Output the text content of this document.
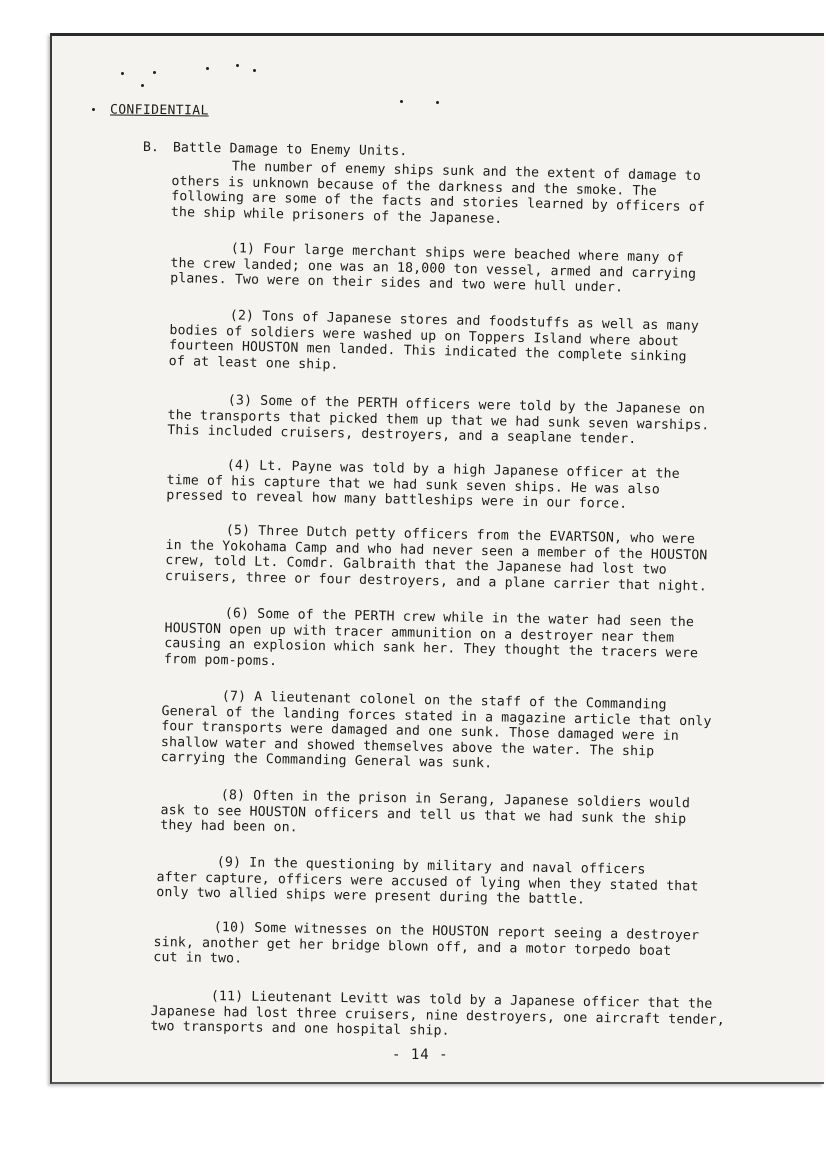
CONFIDENTIAL
B. Battle Damage to Enemy Units.

The number of enemy ships sunk and the extent of damage to
others is unknown because of the darkness and the smoke. The
following are some of the facts and stories learned by officers of
the ship while prisoners of the Japanese.

(1) Four large merchant ships were beached where many of
the crew landed; one was an 18,000 ton vessel, armed and carrying
planes. Two were on their sides and two were hull under.

(2) Tons of Japanese stores and foodstuffs as well as many
bodies of soldiers were washed up on Toppers Island where about
fourteen HOUSTON men landed. This indicated the complete sinking
of at least one ship.

(3) Some of the PERTH officers were told by the Japanese on
the transports that picked them up that we had sunk seven warships.
This included cruisers, destroyers, and a seaplane tender.

(4) Lt. Payne was told by a high Japanese officer at the
time of his capture that we had sunk seven ships. He was also
pressed to reveal how many battleships were in our force.

(5) Three Dutch petty officers from the EVARTSON, who were
in the Yokohama Camp and who had never seen a member of the HOUSTON
crew, told Lt. Comdr. Galbraith that the Japanese had lost two
cruisers, three or four destroyers, and a plane carrier that night.

(6) Some of the PERTH crew while in the water had seen the
HOUSTON open up with tracer ammunition on a destroyer near them
causing an explosion which sank her. They thought the tracers were
from pom-poms.

(7) A lieutenant colonel on the staff of the Commanding
General of the landing forces stated in a magazine article that only
four transports were damaged and one sunk. Those damaged were in
shallow water and showed themselves above the water. The ship
carrying the Commanding General was sunk.

(8) Often in the prison in Serang, Japanese soldiers would
ask to see HOUSTON officers and tell us that we had sunk the ship
they had been on.

(9) In the questioning by military and naval officers
after capture, officers were accused of lying when they stated that
only two allied ships were present during the battle.

(10) Some witnesses on the HOUSTON report seeing a destroyer
sink, another get her bridge blown off, and a motor torpedo boat
cut in two.

(11) Lieutenant Levitt was told by a Japanese officer that the
Japanese had lost three cruisers, nine destroyers, one aircraft tender,
two transports and one hospital ship.

- 14 -
